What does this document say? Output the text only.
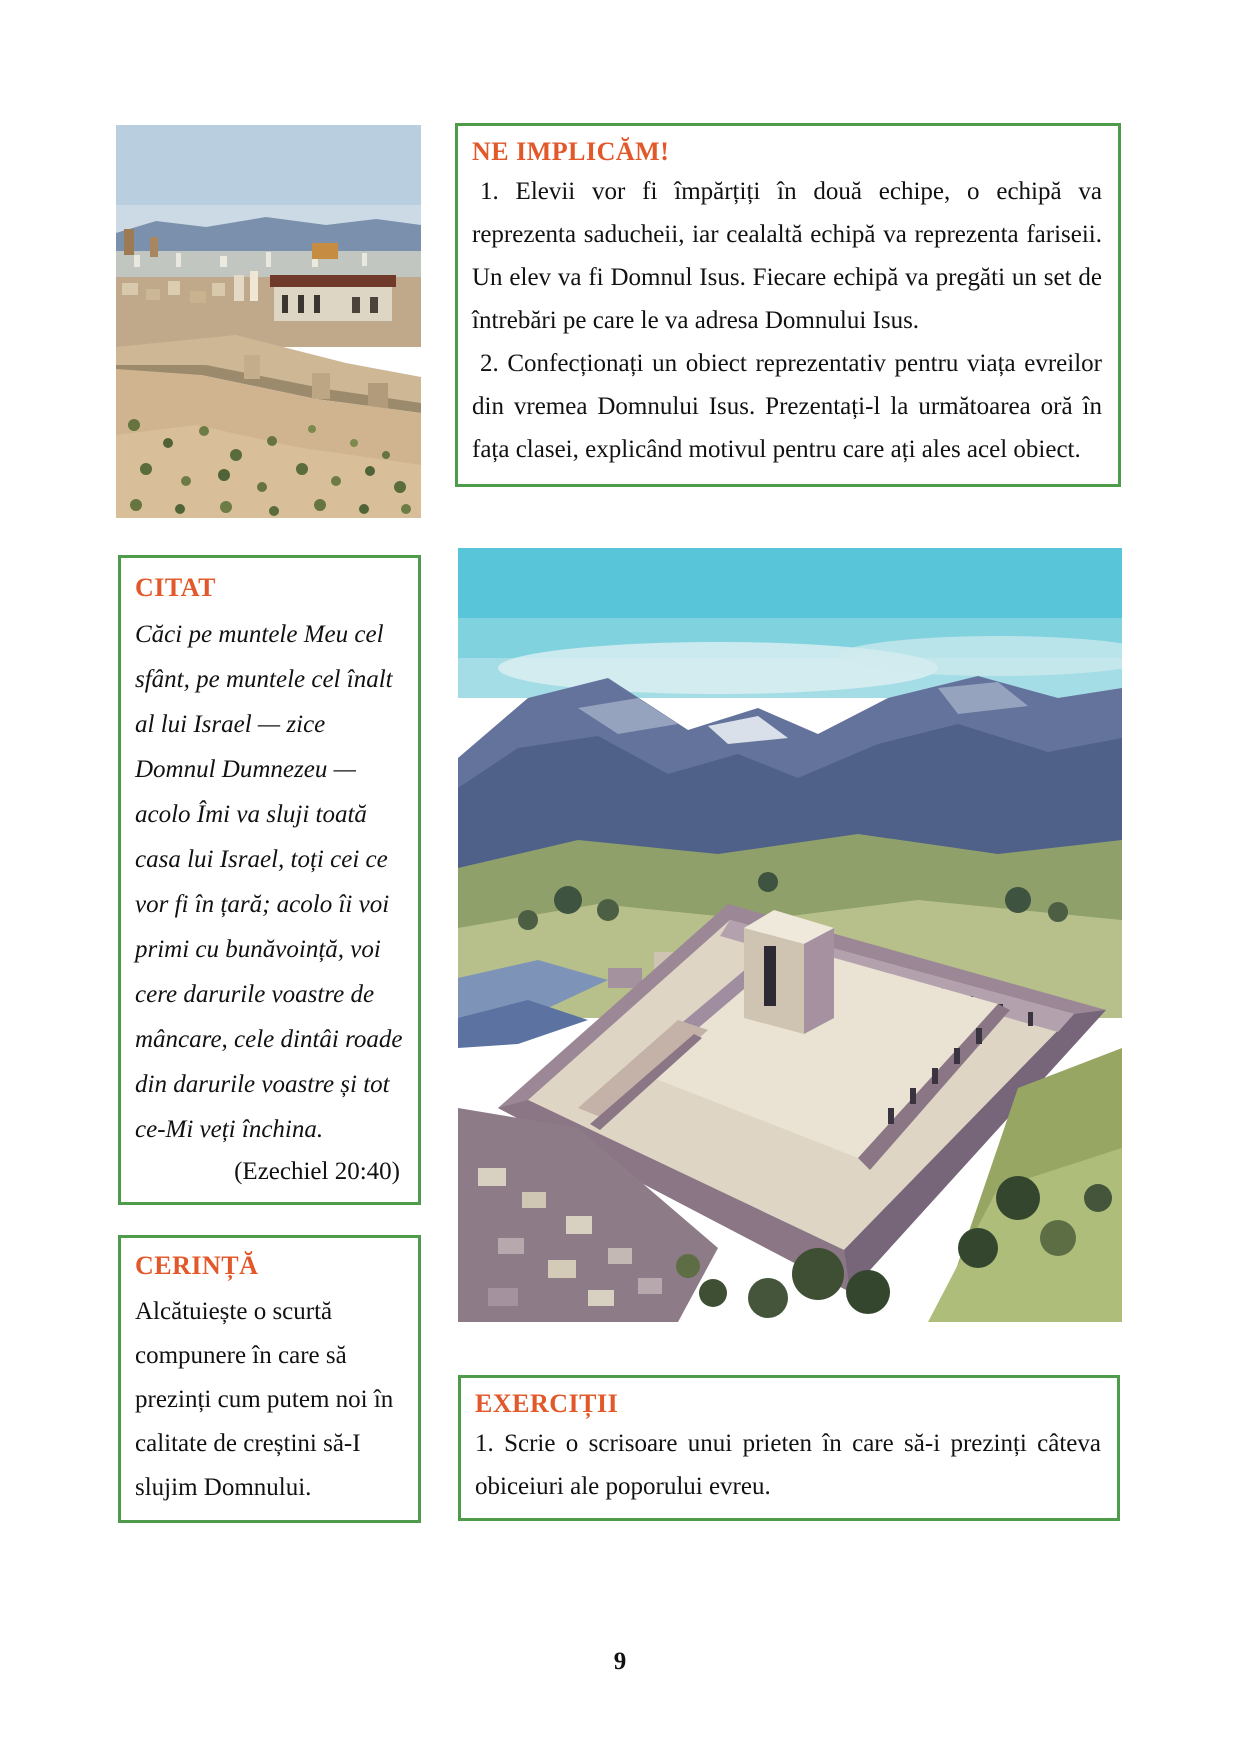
NE IMPLICĂM!

1. Elevii vor fi împărțiți în două echipe, o echipă va reprezenta saducheii, iar cealaltă echipă va reprezenta fariseii. Un elev va fi Domnul Isus. Fiecare echipă va pregăti un set de întrebări pe care le va adresa Domnului Isus.

2. Confecționați un obiect reprezentativ pentru viața evreilor din vremea Domnului Isus. Prezentați-l la următoarea oră în fața clasei, explicând motivul pentru care ați ales acel obiect.

CITAT
Căci pe muntele Meu cel sfânt, pe muntele cel înalt al lui Israel — zice Domnul Dumnezeu — acolo Îmi va sluji toată casa lui Israel, toți cei ce vor fi în țară; acolo îi voi primi cu bunăvoință, voi cere darurile voastre de mâncare, cele dintâi roade din darurile voastre și tot ce-Mi veți închina.
(Ezechiel 20:40)
CERINȚĂ
Alcătuiește o scurtă compunere în care să prezinți cum putem noi în calitate de creștini să-I slujim Domnului.
EXERCIȚII

1. Scrie o scrisoare unui prieten în care să-i prezinți câteva obiceiuri ale poporului evreu.

9
